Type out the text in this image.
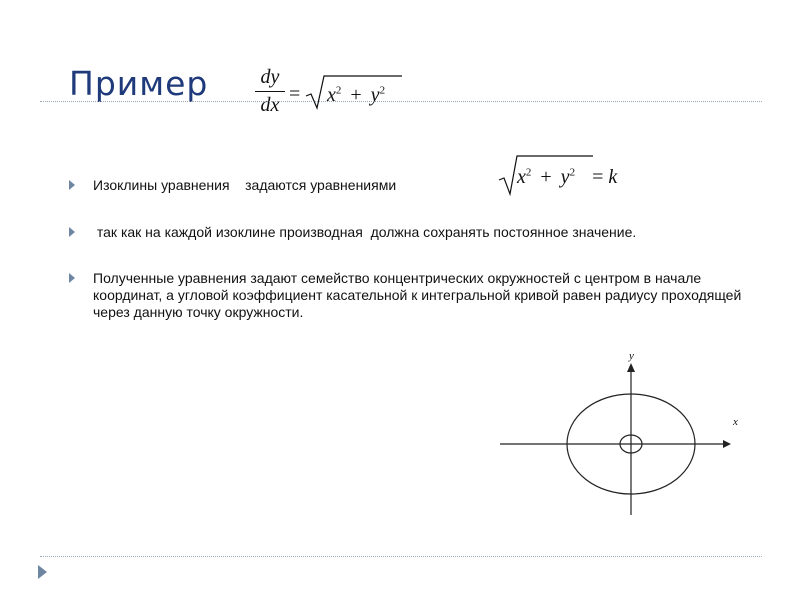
Пример	dy
dx = $x^2 + y^2$
Изоклины уравнения    задаются уравнениями	$x^2 + y^2 = k$
так как на каждой изоклине производная  должна сохранять постоянное значение.
Полученные уравнения задают семейство концентрических окружностей с центром в начале координат, а угловой коэффициент касательной к интегральной кривой равен радиусу проходящей через данную точку окружности.
x
y
